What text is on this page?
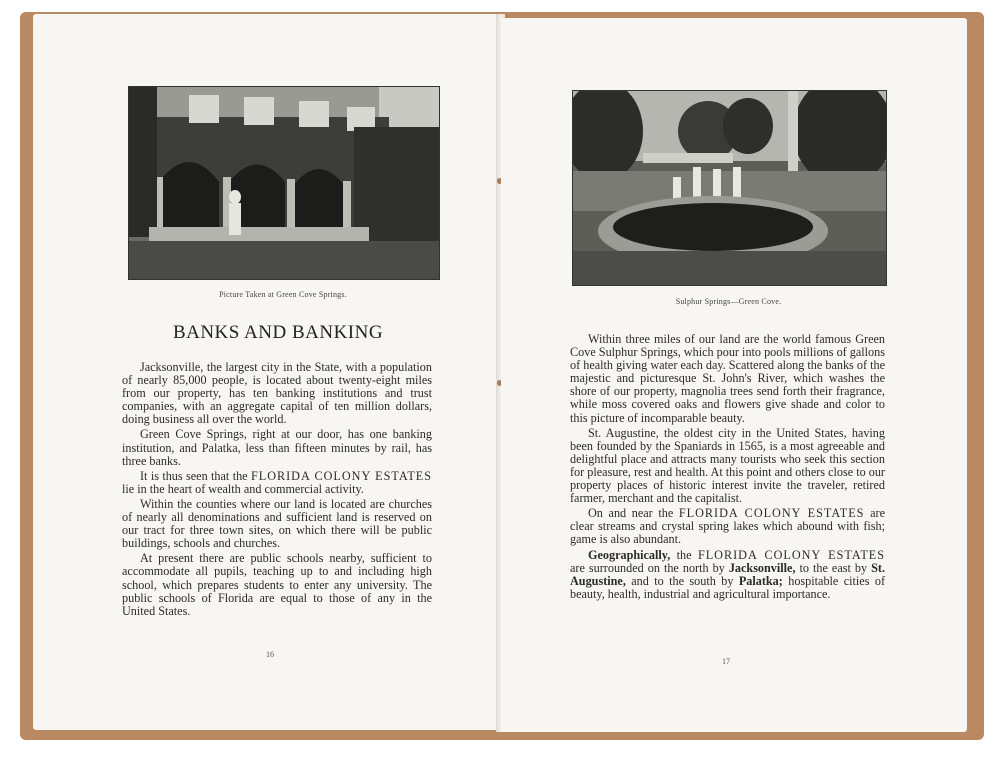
Picture Taken at Green Cove Springs.
BANKS AND BANKING

Jacksonville, the largest city in the State, with a population of nearly 85,000 people, is located about twenty-eight miles from our property, has ten banking institutions and trust companies, with an aggregate capital of ten million dollars, doing business all over the world.

Green Cove Springs, right at our door, has one banking institution, and Palatka, less than fifteen minutes by rail, has three banks.

It is thus seen that the FLORIDA COLONY ESTATES lie in the heart of wealth and commercial activity.

Within the counties where our land is located are churches of nearly all denominations and sufficient land is reserved on our tract for three town sites, on which there will be public buildings, schools and churches.

At present there are public schools nearby, sufficient to accommodate all pupils, teaching up to and including high school, which prepares students to enter any university. The public schools of Florida are equal to those of any in the United States.

16
Sulphur Springs—Green Cove.

Within three miles of our land are the world famous Green Cove Sulphur Springs, which pour into pools millions of gallons of health giving water each day. Scattered along the banks of the majestic and picturesque St. John's River, which washes the shore of our property, magnolia trees send forth their fragrance, while moss covered oaks and flowers give shade and color to this picture of incomparable beauty.

St. Augustine, the oldest city in the United States, having been founded by the Spaniards in 1565, is a most agreeable and delightful place and attracts many tourists who seek this section for pleasure, rest and health. At this point and others close to our property places of historic interest invite the traveler, retired farmer, merchant and the capitalist.

On and near the FLORIDA COLONY ESTATES are clear streams and crystal spring lakes which abound with fish; game is also abundant.

Geographically, the FLORIDA COLONY ESTATES are surrounded on the north by Jacksonville, to the east by St. Augustine, and to the south by Palatka; hospitable cities of beauty, health, industrial and agricultural importance.

17
